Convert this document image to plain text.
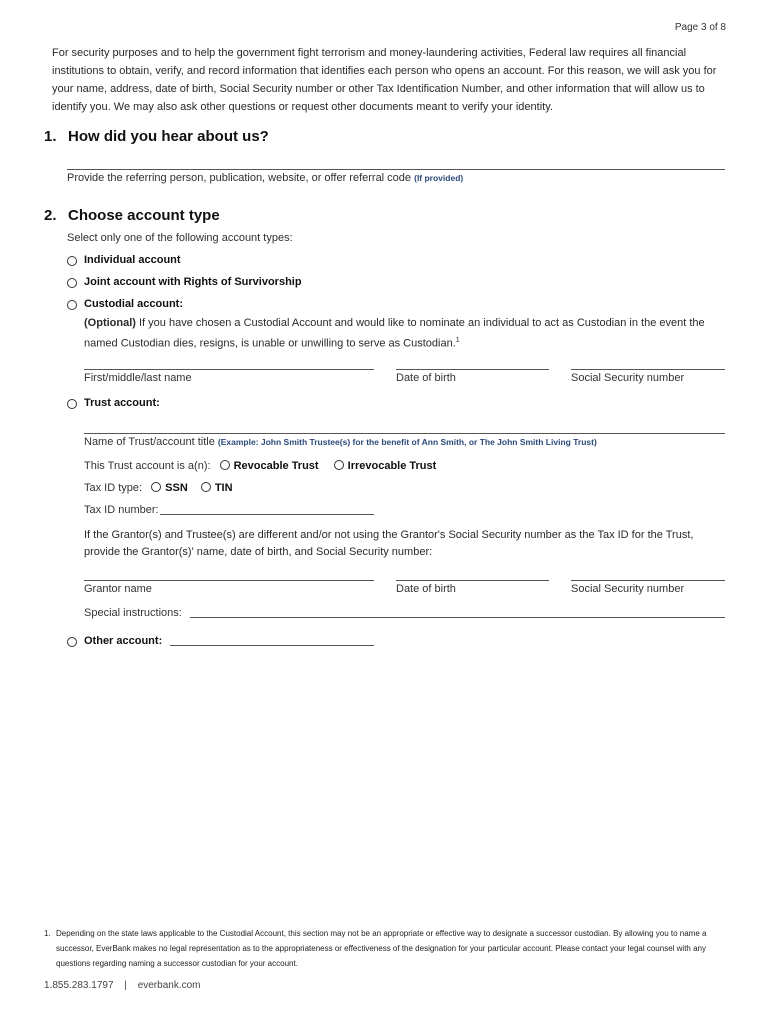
Page 3 of 8
For security purposes and to help the government fight terrorism and money-laundering activities, Federal law requires all financial institutions to obtain, verify, and record information that identifies each person who opens an account. For this reason, we will ask you for your name, address, date of birth, Social Security number or other Tax Identification Number, and other information that will allow us to identify you. We may also ask other questions or request other documents meant to verify your identity.
1. How did you hear about us?
Provide the referring person, publication, website, or offer referral code (If provided)
2. Choose account type
Select only one of the following account types:
Individual account
Joint account with Rights of Survivorship
Custodial account:
(Optional) If you have chosen a Custodial Account and would like to nominate an individual to act as Custodian in the event the named Custodian dies, resigns, is unable or unwilling to serve as Custodian.$^1$
First/middle/last name	Date of birth	Social Security number
Trust account:
Name of Trust/account title (Example: John Smith Trustee(s) for the benefit of Ann Smith, or The John Smith Living Trust)
This Trust account is a(n): Revocable Trust	Irrevocable Trust
Tax ID type: SSN TIN
Tax ID number:
If the Grantor(s) and Trustee(s) are different and/or not using the Grantor's Social Security number as the Tax ID for the Trust, provide the Grantor(s)' name, date of birth, and Social Security number:
Grantor name	Date of birth	Social Security number
Special instructions:
Other account:
1. Depending on the state laws applicable to the Custodial Account, this section may not be an appropriate or effective way to designate a successor custodian. By allowing you to name a successor, EverBank makes no legal representation as to the appropriateness or effectiveness of the designation for your particular account. Please contact your legal counsel with any questions regarding naming a successor custodian for your account.
1.855.283.1797 | everbank.com
